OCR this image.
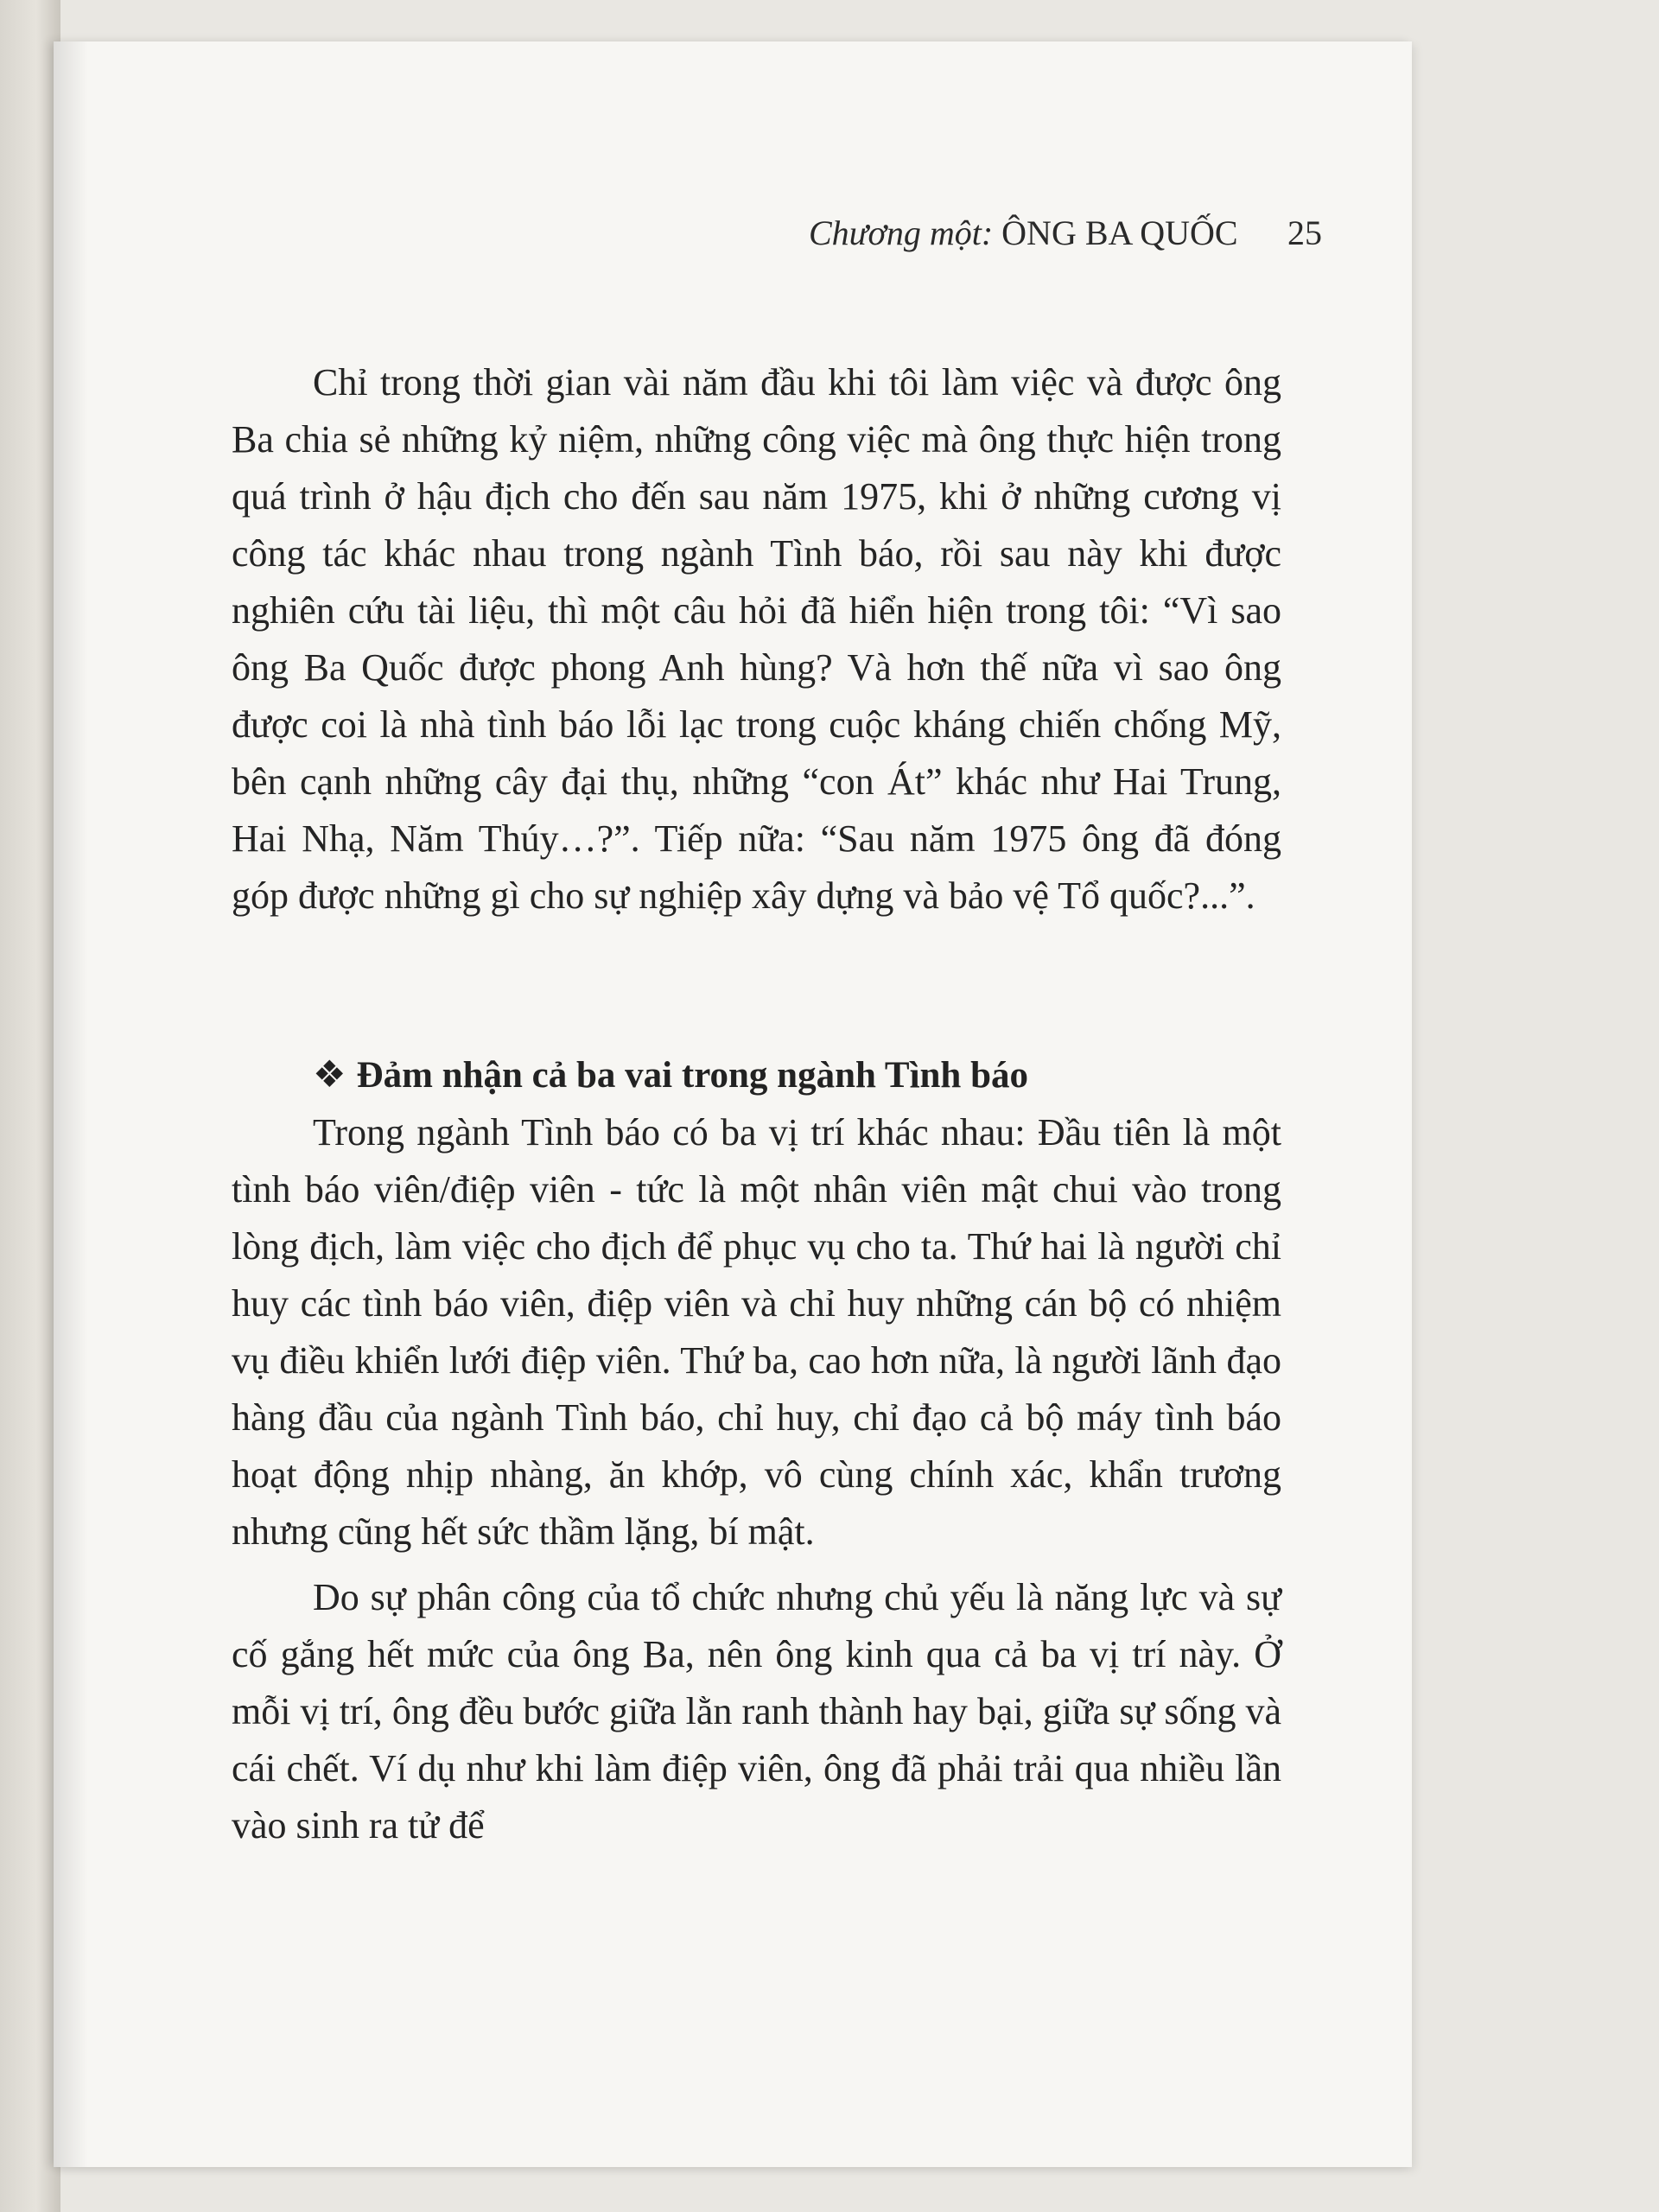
Chương một: ÔNG BA QUỐC 25

Chỉ trong thời gian vài năm đầu khi tôi làm việc và được ông Ba chia sẻ những kỷ niệm, những công việc mà ông thực hiện trong quá trình ở hậu địch cho đến sau năm 1975, khi ở những cương vị công tác khác nhau trong ngành Tình báo, rồi sau này khi được nghiên cứu tài liệu, thì một câu hỏi đã hiển hiện trong tôi: “Vì sao ông Ba Quốc được phong Anh hùng? Và hơn thế nữa vì sao ông được coi là nhà tình báo lỗi lạc trong cuộc kháng chiến chống Mỹ, bên cạnh những cây đại thụ, những “con Át” khác như Hai Trung, Hai Nhạ, Năm Thúy…?”. Tiếp nữa: “Sau năm 1975 ông đã đóng góp được những gì cho sự nghiệp xây dựng và bảo vệ Tổ quốc?...”.

❖ Đảm nhận cả ba vai trong ngành Tình báo

Trong ngành Tình báo có ba vị trí khác nhau: Đầu tiên là một tình báo viên/điệp viên - tức là một nhân viên mật chui vào trong lòng địch, làm việc cho địch để phục vụ cho ta. Thứ hai là người chỉ huy các tình báo viên, điệp viên và chỉ huy những cán bộ có nhiệm vụ điều khiển lưới điệp viên. Thứ ba, cao hơn nữa, là người lãnh đạo hàng đầu của ngành Tình báo, chỉ huy, chỉ đạo cả bộ máy tình báo hoạt động nhịp nhàng, ăn khớp, vô cùng chính xác, khẩn trương nhưng cũng hết sức thầm lặng, bí mật.

Do sự phân công của tổ chức nhưng chủ yếu là năng lực và sự cố gắng hết mức của ông Ba, nên ông kinh qua cả ba vị trí này. Ở mỗi vị trí, ông đều bước giữa lằn ranh thành hay bại, giữa sự sống và cái chết. Ví dụ như khi làm điệp viên, ông đã phải trải qua nhiều lần vào sinh ra tử để
